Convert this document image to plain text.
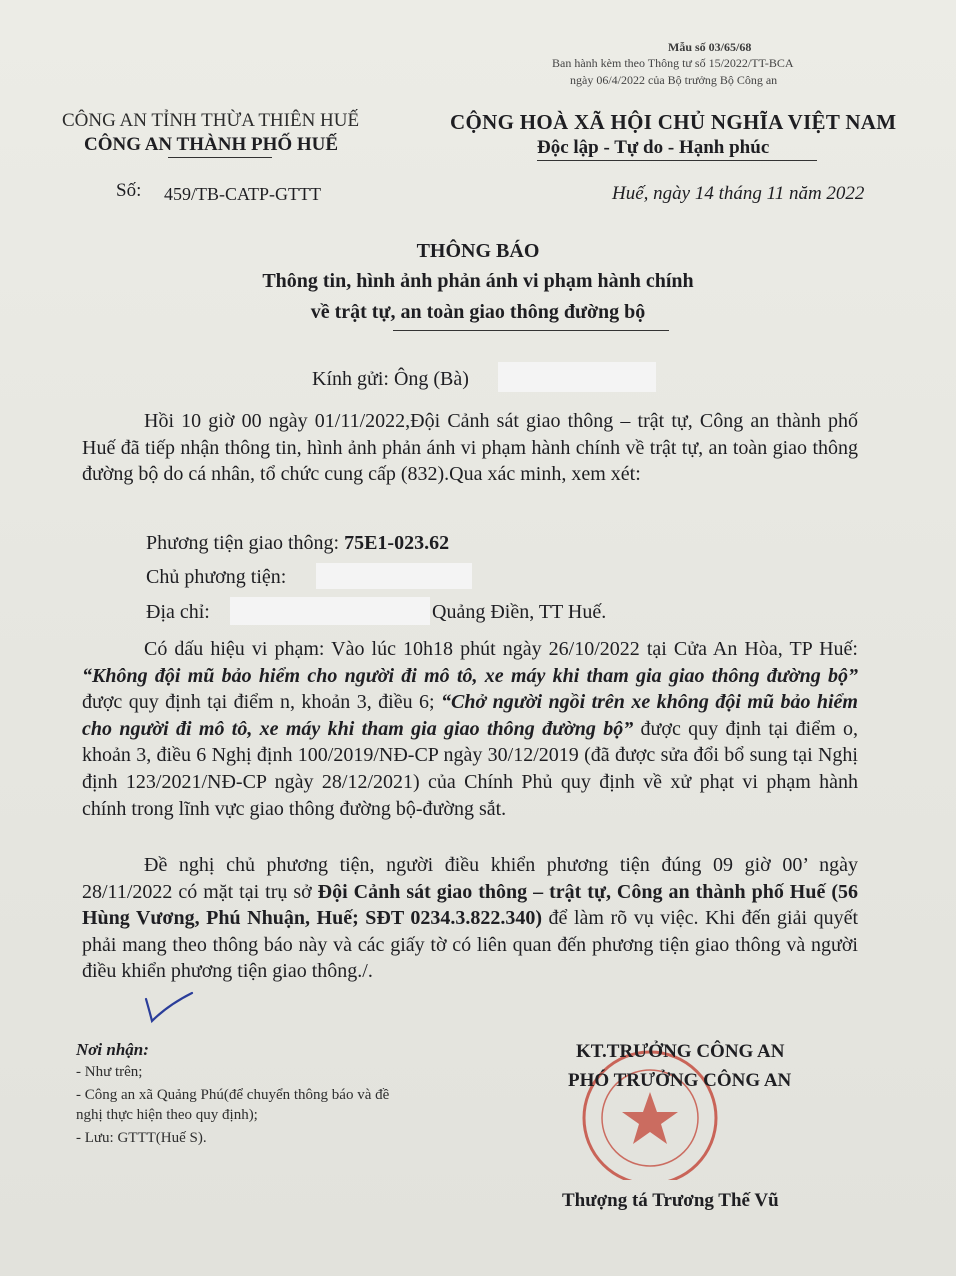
Mẫu số 03/65/68
Ban hành kèm theo Thông tư số 15/2022/TT-BCA
ngày 06/4/2022 của Bộ trưởng Bộ Công an
CÔNG AN TỈNH THỪA THIÊN HUẾ
CÔNG AN THÀNH PHỐ HUẾ
CỘNG HOÀ XÃ HỘI CHỦ NGHĨA VIỆT NAM
Độc lập - Tự do - Hạnh phúc
Số: 459/TB-CATP-GTTT	Huế, ngày 14 tháng 11 năm 2022
THÔNG BÁO
Thông tin, hình ảnh phản ánh vi phạm hành chính
về trật tự, an toàn giao thông đường bộ
Kính gửi: Ông (Bà)
Hồi 10 giờ 00 ngày 01/11/2022,Đội Cảnh sát giao thông – trật tự, Công an thành phố Huế đã tiếp nhận thông tin, hình ảnh phản ánh vi phạm hành chính về trật tự, an toàn giao thông đường bộ do cá nhân, tổ chức cung cấp (832).Qua xác minh, xem xét:
Phương tiện giao thông: 75E1-023.62
Chủ phương tiện:
Địa chỉ:	Quảng Điền, TT Huế.
Có dấu hiệu vi phạm: Vào lúc 10h18 phút ngày 26/10/2022 tại Cửa An Hòa, TP Huế: “Không đội mũ bảo hiểm cho người đi mô tô, xe máy khi tham gia giao thông đường bộ” được quy định tại điểm n, khoản 3, điều 6; “Chở người ngồi trên xe không đội mũ bảo hiểm cho người đi mô tô, xe máy khi tham gia giao thông đường bộ” được quy định tại điểm o, khoản 3, điều 6 Nghị định 100/2019/NĐ-CP ngày 30/12/2019 (đã được sửa đổi bổ sung tại Nghị định 123/2021/NĐ-CP ngày 28/12/2021) của Chính Phủ quy định về xử phạt vi phạm hành chính trong lĩnh vực giao thông đường bộ-đường sắt.
Đề nghị chủ phương tiện, người điều khiển phương tiện đúng 09 giờ 00’ ngày 28/11/2022 có mặt tại trụ sở Đội Cảnh sát giao thông – trật tự, Công an thành phố Huế (56 Hùng Vương, Phú Nhuận, Huế; SĐT 0234.3.822.340) để làm rõ vụ việc. Khi đến giải quyết phải mang theo thông báo này và các giấy tờ có liên quan đến phương tiện giao thông và người điều khiển phương tiện giao thông./.
Nơi nhận:
- Như trên;
- Công an xã Quảng Phú(để chuyển thông báo và đề
nghị thực hiện theo quy định);
- Lưu: GTTT(Huế S).
KT.TRƯỞNG CÔNG AN
PHÓ TRƯỞNG CÔNG AN
Thượng tá Trương Thế Vũ
